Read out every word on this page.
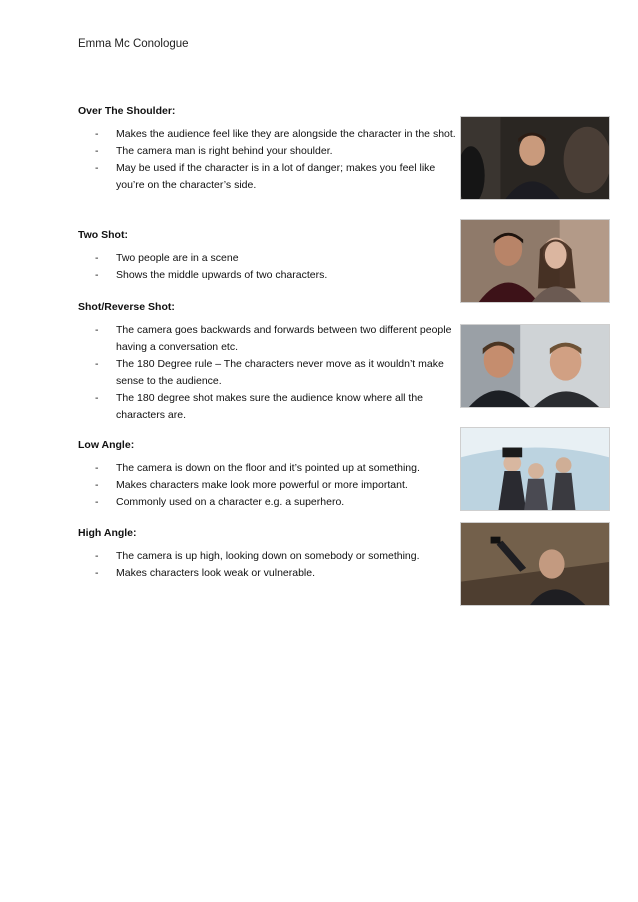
Emma Mc Conologue
Over The Shoulder:
- Makes the audience feel like they are alongside the character in the shot.
- The camera man is right behind your shoulder.
- May be used if the character is in a lot of danger; makes you feel like you’re on the character’s side.
Two Shot:
- Two people are in a scene
- Shows the middle upwards of two characters.
Shot/Reverse Shot:
- The camera goes backwards and forwards between two different people having a conversation etc.
- The 180 Degree rule – The characters never move as it wouldn’t make sense to the audience.
- The 180 degree shot makes sure the audience know where all the characters are.
Low Angle:
- The camera is down on the floor and it’s pointed up at something.
- Makes characters make look more powerful or more important.
- Commonly used on a character e.g. a superhero.
High Angle:
- The camera is up high, looking down on somebody or something.
- Makes characters look weak or vulnerable.
